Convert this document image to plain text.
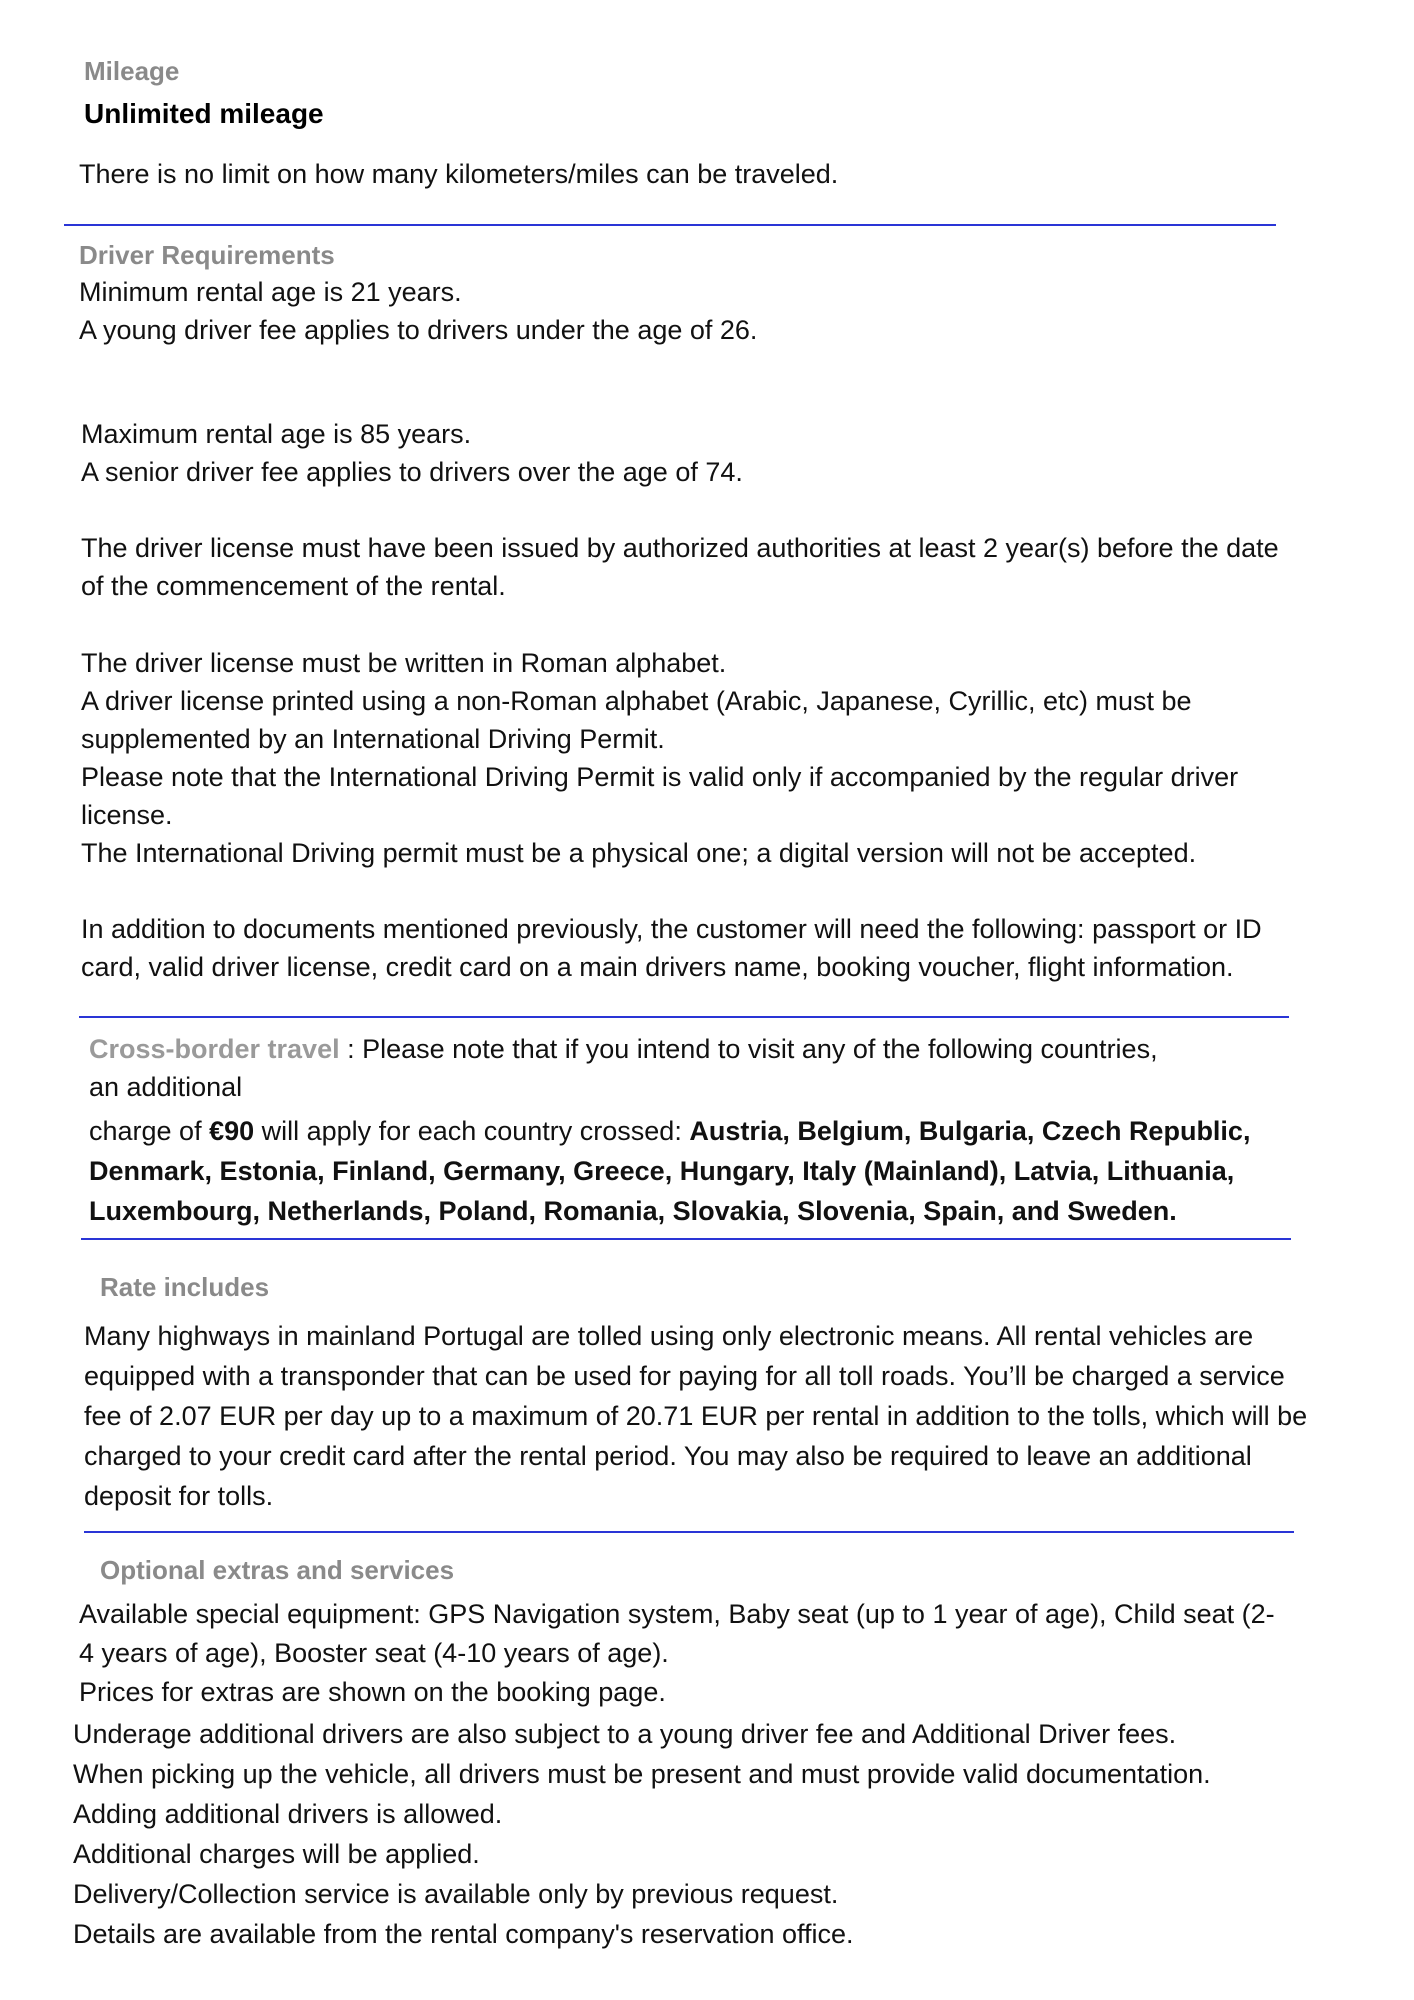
Mileage
Unlimited mileage
There is no limit on how many kilometers/miles can be traveled.
Driver Requirements
Minimum rental age is 21 years.
A young driver fee applies to drivers under the age of 26.
Maximum rental age is 85 years.
A senior driver fee applies to drivers over the age of 74.
The driver license must have been issued by authorized authorities at least 2 year(s) before the date
of the commencement of the rental.
The driver license must be written in Roman alphabet.
A driver license printed using a non-Roman alphabet (Arabic, Japanese, Cyrillic, etc) must be
supplemented by an International Driving Permit.
Please note that the International Driving Permit is valid only if accompanied by the regular driver
license.
The International Driving permit must be a physical one; a digital version will not be accepted.
In addition to documents mentioned previously, the customer will need the following: passport or ID
card, valid driver license, credit card on a main drivers name, booking voucher, flight information.
Cross-border travel : Please note that if you intend to visit any of the following countries,
an additional
charge of €90 will apply for each country crossed: Austria, Belgium, Bulgaria, Czech Republic,
Denmark, Estonia, Finland, Germany, Greece, Hungary, Italy (Mainland), Latvia, Lithuania,
Luxembourg, Netherlands, Poland, Romania, Slovakia, Slovenia, Spain, and Sweden.
Rate includes
Many highways in mainland Portugal are tolled using only electronic means. All rental vehicles are
equipped with a transponder that can be used for paying for all toll roads. You’ll be charged a service
fee of 2.07 EUR per day up to a maximum of 20.71 EUR per rental in addition to the tolls, which will be
charged to your credit card after the rental period. You may also be required to leave an additional
deposit for tolls.
Optional extras and services
Available special equipment: GPS Navigation system, Baby seat (up to 1 year of age), Child seat (2-
4 years of age), Booster seat (4-10 years of age).
Prices for extras are shown on the booking page.
Underage additional drivers are also subject to a young driver fee and Additional Driver fees.
When picking up the vehicle, all drivers must be present and must provide valid documentation.
Adding additional drivers is allowed.
Additional charges will be applied.
Delivery/Collection service is available only by previous request.
Details are available from the rental company's reservation office.
